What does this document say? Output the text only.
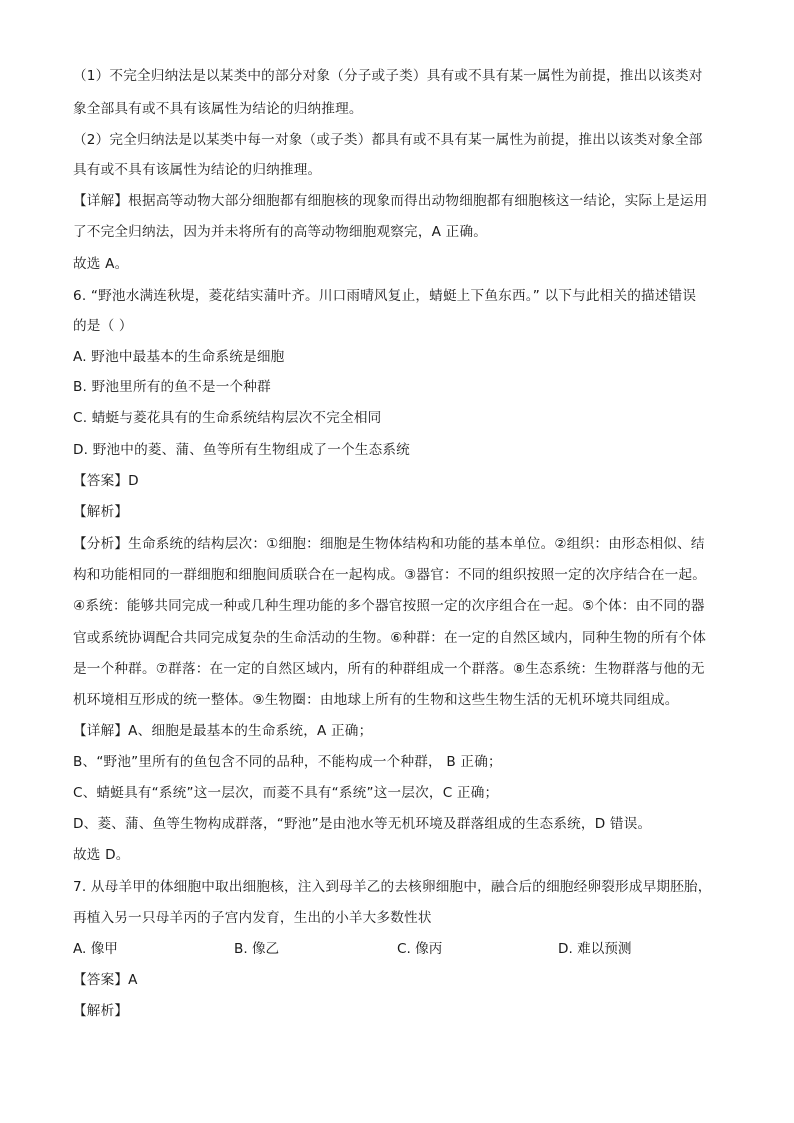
（1）不完全归纳法是以某类中的部分对象（分子或子类）具有或不具有某一属性为前提，推出以该类对
象全部具有或不具有该属性为结论的归纳推理。
（2）完全归纳法是以某类中每一对象（或子类）都具有或不具有某一属性为前提，推出以该类对象全部
具有或不具有该属性为结论的归纳推理。
【详解】根据高等动物大部分细胞都有细胞核的现象而得出动物细胞都有细胞核这一结论，实际上是运用
了不完全归纳法，因为并未将所有的高等动物细胞观察完，A 正确。
故选 A。
6. “野池水满连秋堤，菱花结实蒲叶齐。川口雨晴风复止，蜻蜓上下鱼东西。” 以下与此相关的描述错误
的是（ ）
A. 野池中最基本的生命系统是细胞
B. 野池里所有的鱼不是一个种群
C. 蜻蜓与菱花具有的生命系统结构层次不完全相同
D. 野池中的菱、蒲、鱼等所有生物组成了一个生态系统
【答案】D
【解析】
【分析】生命系统的结构层次：①细胞：细胞是生物体结构和功能的基本单位。②组织：由形态相似、结
构和功能相同的一群细胞和细胞间质联合在一起构成。③器官：不同的组织按照一定的次序结合在一起。
④系统：能够共同完成一种或几种生理功能的多个器官按照一定的次序组合在一起。⑤个体：由不同的器
官或系统协调配合共同完成复杂的生命活动的生物。⑥种群：在一定的自然区域内，同种生物的所有个体
是一个种群。⑦群落：在一定的自然区域内，所有的种群组成一个群落。⑧生态系统：生物群落与他的无
机环境相互形成的统一整体。⑨生物圈：由地球上所有的生物和这些生物生活的无机环境共同组成。
【详解】A、细胞是最基本的生命系统，A 正确；
B、“野池”里所有的鱼包含不同的品种，不能构成一个种群， B 正确；
C、蜻蜓具有“系统”这一层次，而菱不具有“系统”这一层次，C 正确；
D、菱、蒲、鱼等生物构成群落，“野池”是由池水等无机环境及群落组成的生态系统，D 错误。
故选 D。
7. 从母羊甲的体细胞中取出细胞核，注入到母羊乙的去核卵细胞中，融合后的细胞经卵裂形成早期胚胎，
再植入另一只母羊丙的子宫内发育，生出的小羊大多数性状
A. 像甲	B. 像乙	C. 像丙	D. 难以预测
【答案】A
【解析】
